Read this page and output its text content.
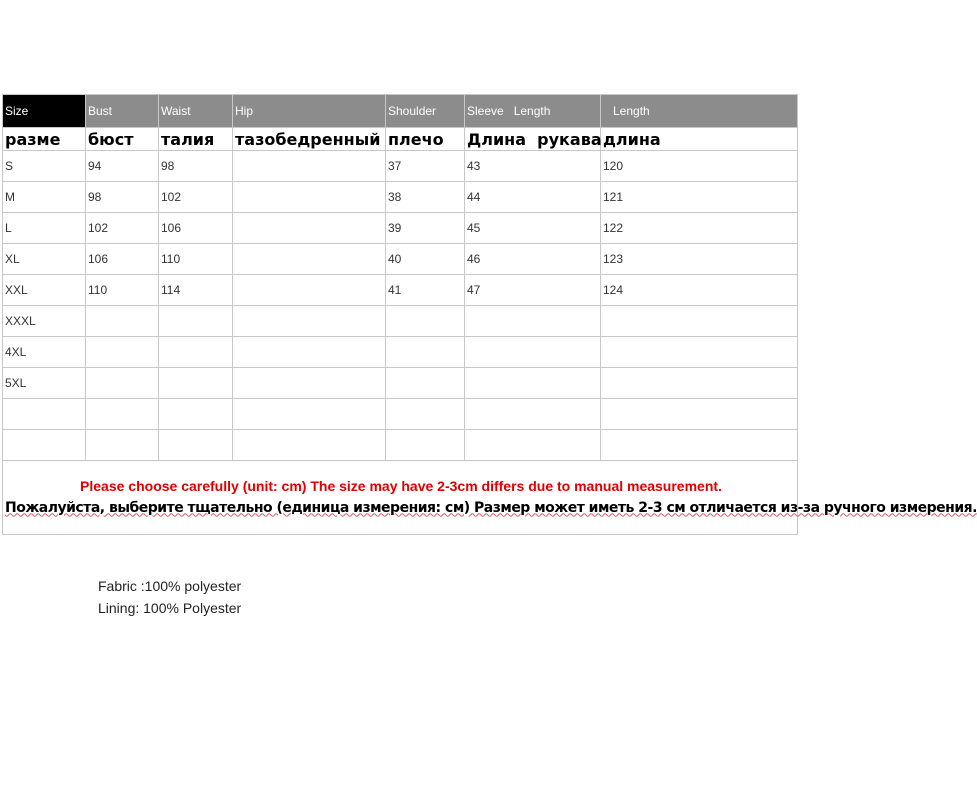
Size	Bust	Waist	Hip	Shoulder	Sleeve   Length	Length
разме	бюст	талия	тазобедренный	плечо	Длина  рукава	длина
S	94	98		37	43	120
M	98	102		38	44	121
L	102	106		39	45	122
XL	106	110		40	46	123
XXL	110	114		41	47	124
XXXL						
4XL						
5XL						

Please choose carefully (unit: cm) The size may have 2-3cm differs due to manual measurement.
Пожалуйста, выберите тщательно (единица измерения: см) Размер может иметь 2-3 см отличается из-за ручного измерения.						
Fabric :100% polyester
Lining: 100% Polyester
